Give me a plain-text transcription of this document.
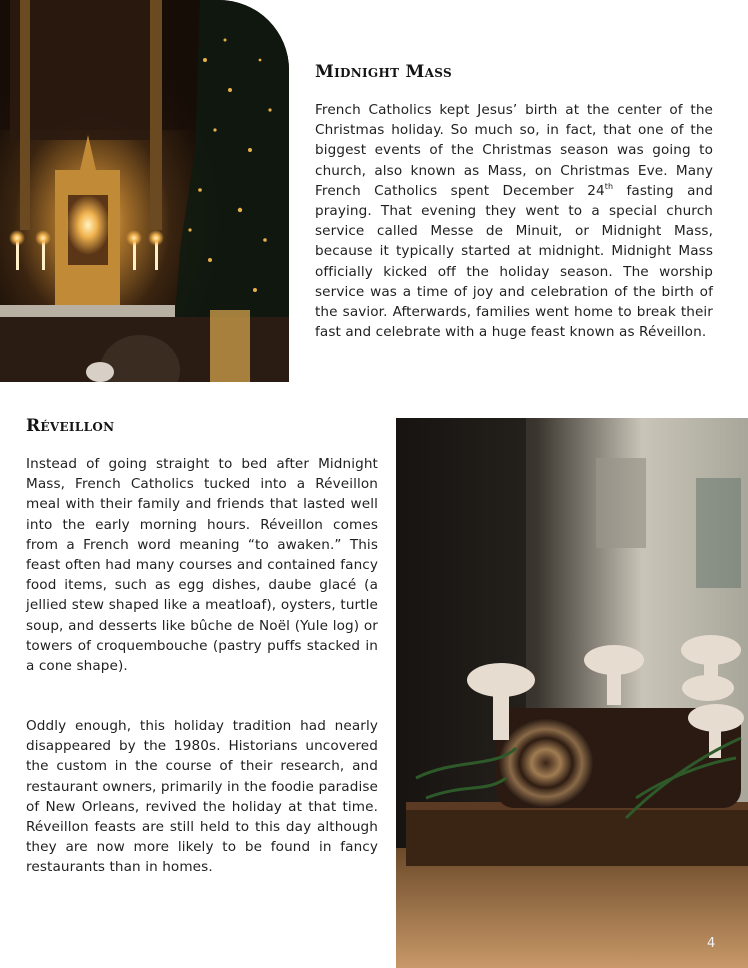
Midnight Mass

French Catholics kept Jesus’ birth at the center of the Christmas holiday. So much so, in fact, that one of the biggest events of the Christmas season was going to church, also known as Mass, on Christmas Eve. Many French Catholics spent December 24th fasting and praying. That evening they went to a special church service called Messe de Minuit, or Midnight Mass, because it typically started at midnight. Midnight Mass officially kicked off the holiday season. The worship service was a time of joy and celebration of the birth of the savior. Afterwards, families went home to break their fast and celebrate with a huge feast known as Réveillon.

Réveillon

Instead of going straight to bed after Midnight Mass, French Catholics tucked into a Réveillon meal with their family and friends that lasted well into the early morning hours. Réveillon comes from a French word meaning “to awaken.” This feast often had many courses and contained fancy food items, such as egg dishes, daube glacé (a jellied stew shaped like a meatloaf), oysters, turtle soup, and desserts like bûche de Noël (Yule log) or towers of croquembouche (pastry puffs stacked in a cone shape).

Oddly enough, this holiday tradition had nearly disappeared by the 1980s. Historians uncovered the custom in the course of their research, and restaurant owners, primarily in the foodie paradise of New Orleans, revived the holiday at that time. Réveillon feasts are still held to this day although they are now more likely to be found in fancy restaurants than in homes.

4
